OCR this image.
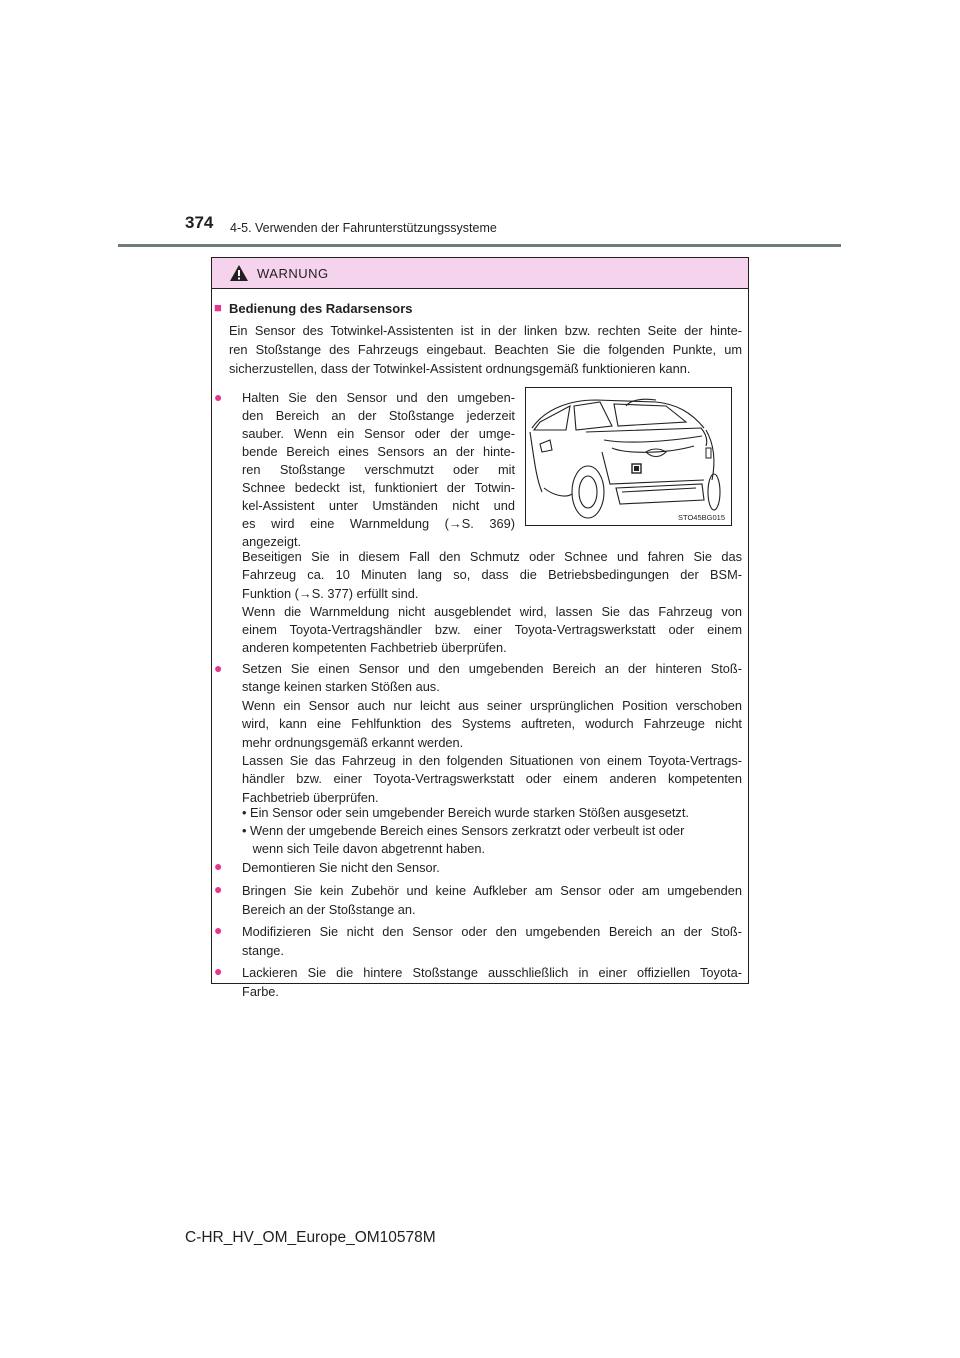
374 4-5. Verwenden der Fahrunterstützungssysteme
WARNUNG
■ Bedienung des Radarsensors
Ein Sensor des Totwinkel-Assistenten ist in der linken bzw. rechten Seite der hinte-
ren Stoßstange des Fahrzeugs eingebaut. Beachten Sie die folgenden Punkte, um
sicherzustellen, dass der Totwinkel-Assistent ordnungsgemäß funktionieren kann.
● Halten Sie den Sensor und den umgeben-
den Bereich an der Stoßstange jederzeit
sauber. Wenn ein Sensor oder der umge-
bende Bereich eines Sensors an der hinte-
ren Stoßstange verschmutzt oder mit
Schnee bedeckt ist, funktioniert der Totwin-
kel-Assistent unter Umständen nicht und
es wird eine Warnmeldung (→S. 369)
angezeigt.
STO45BG015
Beseitigen Sie in diesem Fall den Schmutz oder Schnee und fahren Sie das
Fahrzeug ca. 10 Minuten lang so, dass die Betriebsbedingungen der BSM-
Funktion (→S. 377) erfüllt sind.
Wenn die Warnmeldung nicht ausgeblendet wird, lassen Sie das Fahrzeug von
einem Toyota-Vertragshändler bzw. einer Toyota-Vertragswerkstatt oder einem
anderen kompetenten Fachbetrieb überprüfen.
● Setzen Sie einen Sensor und den umgebenden Bereich an der hinteren Stoß-
stange keinen starken Stößen aus.
Wenn ein Sensor auch nur leicht aus seiner ursprünglichen Position verschoben
wird, kann eine Fehlfunktion des Systems auftreten, wodurch Fahrzeuge nicht
mehr ordnungsgemäß erkannt werden.
Lassen Sie das Fahrzeug in den folgenden Situationen von einem Toyota-Vertrags-
händler bzw. einer Toyota-Vertragswerkstatt oder einem anderen kompetenten
Fachbetrieb überprüfen.
• Ein Sensor oder sein umgebender Bereich wurde starken Stößen ausgesetzt.
• Wenn der umgebende Bereich eines Sensors zerkratzt oder verbeult ist oder
wenn sich Teile davon abgetrennt haben.
● Demontieren Sie nicht den Sensor.
● Bringen Sie kein Zubehör und keine Aufkleber am Sensor oder am umgebenden
Bereich an der Stoßstange an.
● Modifizieren Sie nicht den Sensor oder den umgebenden Bereich an der Stoß-
stange.
● Lackieren Sie die hintere Stoßstange ausschließlich in einer offiziellen Toyota-
Farbe.
C-HR_HV_OM_Europe_OM10578M
